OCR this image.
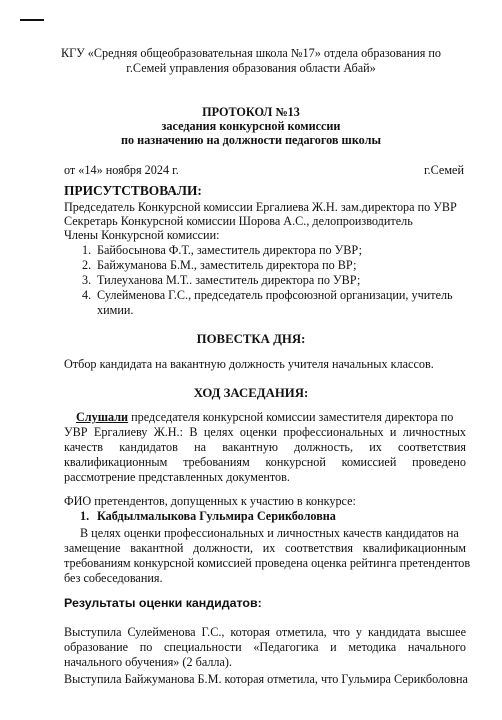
КГУ «Средняя общеобразовательная школа №17» отдела образования по
г.Семей управления образования области Абай»
ПРОТОКОЛ №13
заседания конкурсной комиссии
по назначению на должности педагогов школы
от «14» ноября 2024 г.	г.Семей
ПРИСУТСТВОВАЛИ:
Председатель Конкурсной комиссии Ергалиева Ж.Н. зам.директора по УВР
Секретарь Конкурсной комиссии Шорова А.С., делопроизводитель
Члены Конкурсной комиссии:
1. Байбосынова Ф.Т., заместитель директора по УВР;
2. Байжуманова Б.М., заместитель директора по ВР;
3. Тилеуханова М.Т.. заместитель директора по УВР;
4. Сулейменова Г.С., председатель профсоюзной организации, учитель
химии.
ПОВЕСТКА ДНЯ:
Отбор кандидата на вакантную должность учителя начальных классов.
ХОД ЗАСЕДАНИЯ:
Слушали председателя конкурсной комиссии заместителя директора по
УВР Ергалиеву Ж.Н.: В целях оценки профессиональных и личностных
качеств кандидатов на вакантную должность, их соответствия
квалификационным требованиям конкурсной комиссией проведено
рассмотрение представленных документов.
ФИО претендентов, допущенных к участию в конкурсе:
1. Кабдылмалыкова Гульмира Серикболовна
В целях оценки профессиональных и личностных качеств кандидатов на
замещение вакантной должности, их соответствия квалификационным
требованиям конкурсной комиссией проведена оценка рейтинга претендентов
без собеседования.
Результаты оценки кандидатов:
Выступила Сулейменова Г.С., которая отметила, что у кандидата высшее
образование по специальности «Педагогика и методика начального
начального обучения» (2 балла).
Выступила Байжуманова Б.М. которая отметила, что Гульмира Серикболовна
